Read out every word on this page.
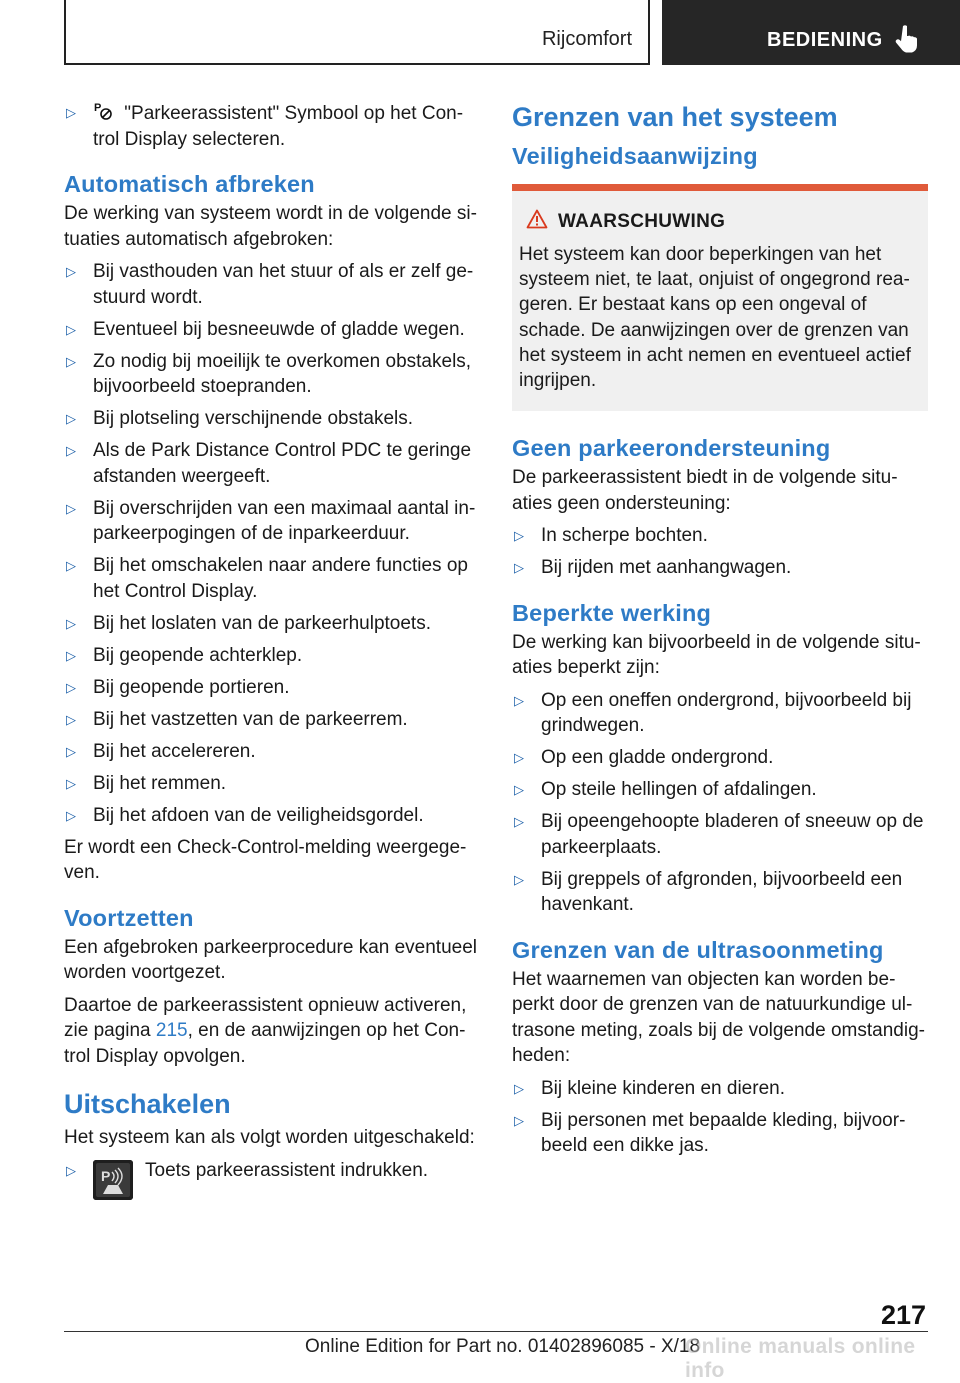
Rijcomfort	BEDIENING
▷ P "Parkeerassistent" Symbool op het Control Display selecteren.
Automatisch afbreken

De werking van systeem wordt in de volgende situaties automatisch afgebroken:

▷ Bij vasthouden van het stuur of als er zelf gestuurd wordt.
▷ Eventueel bij besneeuwde of gladde wegen.
▷ Zo nodig bij moeilijk te overkomen obstakels, bijvoorbeeld stoepranden.
▷ Bij plotseling verschijnende obstakels.
▷ Als de Park Distance Control PDC te geringe afstanden weergeeft.
▷ Bij overschrijden van een maximaal aantal inparkeerpogingen of de inparkeerduur.
▷ Bij het omschakelen naar andere functies op het Control Display.
▷ Bij het loslaten van de parkeerhulptoets.
▷ Bij geopende achterklep.
▷ Bij geopende portieren.
▷ Bij het vastzetten van de parkeerrem.
▷ Bij het accelereren.
▷ Bij het remmen.
▷ Bij het afdoen van de veiligheidsgordel.

Er wordt een Check-Control-melding weergegeven.

Voortzetten

Een afgebroken parkeerprocedure kan eventueel worden voortgezet.

Daartoe de parkeerassistent opnieuw activeren, zie pagina 215, en de aanwijzingen op het Control Display opvolgen.

Uitschakelen

Het systeem kan als volgt worden uitgeschakeld:

▷ P	Toets parkeerassistent indrukken.
Grenzen van het systeem
Veiligheidsaanwijzing
WAARSCHUWING
Het systeem kan door beperkingen van het systeem niet, te laat, onjuist of ongegrond reageren. Er bestaat kans op een ongeval of schade. De aanwijzingen over de grenzen van het systeem in acht nemen en eventueel actief ingrijpen.
Geen parkeerondersteuning

De parkeerassistent biedt in de volgende situaties geen ondersteuning:

▷ In scherpe bochten.
▷ Bij rijden met aanhangwagen.
Beperkte werking

De werking kan bijvoorbeeld in de volgende situaties beperkt zijn:

▷ Op een oneffen ondergrond, bijvoorbeeld bij grindwegen.
▷ Op een gladde ondergrond.
▷ Op steile hellingen of afdalingen.
▷ Bij opeengehoopte bladeren of sneeuw op de parkeerplaats.
▷ Bij greppels of afgronden, bijvoorbeeld een havenkant.
Grenzen van de ultrasoonmeting

Het waarnemen van objecten kan worden beperkt door de grenzen van de natuurkundige ultrasone meting, zoals bij de volgende omstandigheden:

▷ Bij kleine kinderen en dieren.
▷ Bij personen met bepaalde kleding, bijvoorbeeld een dikke jas.
217
Online Edition for Part no. 01402896085 - X/18
Online manuals online info
